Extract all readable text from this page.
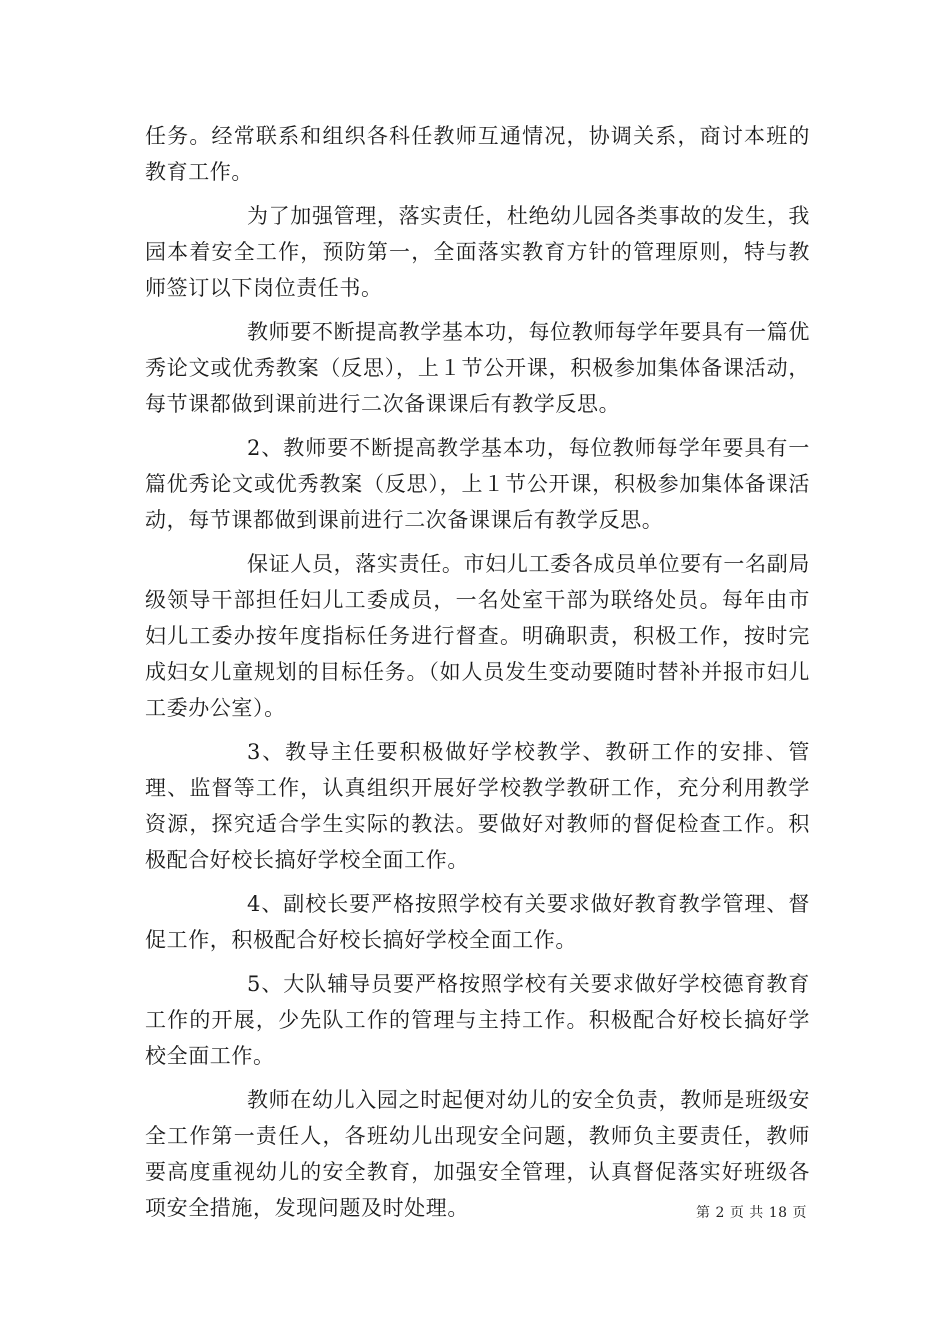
任务。经常联系和组织各科任教师互通情况，协调关系，商讨本班的教育工作。

为了加强管理，落实责任，杜绝幼儿园各类事故的发生，我园本着安全工作，预防第一，全面落实教育方针的管理原则，特与教师签订以下岗位责任书。

教师要不断提高教学基本功，每位教师每学年要具有一篇优秀论文或优秀教案（反思），上１节公开课，积极参加集体备课活动，每节课都做到课前进行二次备课课后有教学反思。

2、教师要不断提高教学基本功，每位教师每学年要具有一篇优秀论文或优秀教案（反思），上１节公开课，积极参加集体备课活动，每节课都做到课前进行二次备课课后有教学反思。

保证人员，落实责任。市妇儿工委各成员单位要有一名副局级领导干部担任妇儿工委成员，一名处室干部为联络处员。每年由市妇儿工委办按年度指标任务进行督查。明确职责，积极工作，按时完成妇女儿童规划的目标任务。（如人员发生变动要随时替补并报市妇儿工委办公室）。

3、教导主任要积极做好学校教学、教研工作的安排、管理、监督等工作，认真组织开展好学校教学教研工作，充分利用教学资源，探究适合学生实际的教法。要做好对教师的督促检查工作。积极配合好校长搞好学校全面工作。

4、副校长要严格按照学校有关要求做好教育教学管理、督促工作，积极配合好校长搞好学校全面工作。

5、大队辅导员要严格按照学校有关要求做好学校德育教育工作的开展，少先队工作的管理与主持工作。积极配合好校长搞好学校全面工作。

教师在幼儿入园之时起便对幼儿的安全负责，教师是班级安全工作第一责任人，各班幼儿出现安全问题，教师负主要责任，教师要高度重视幼儿的安全教育，加强安全管理，认真督促落实好班级各项安全措施，发现问题及时处理。	第 2 页 共 18 页
